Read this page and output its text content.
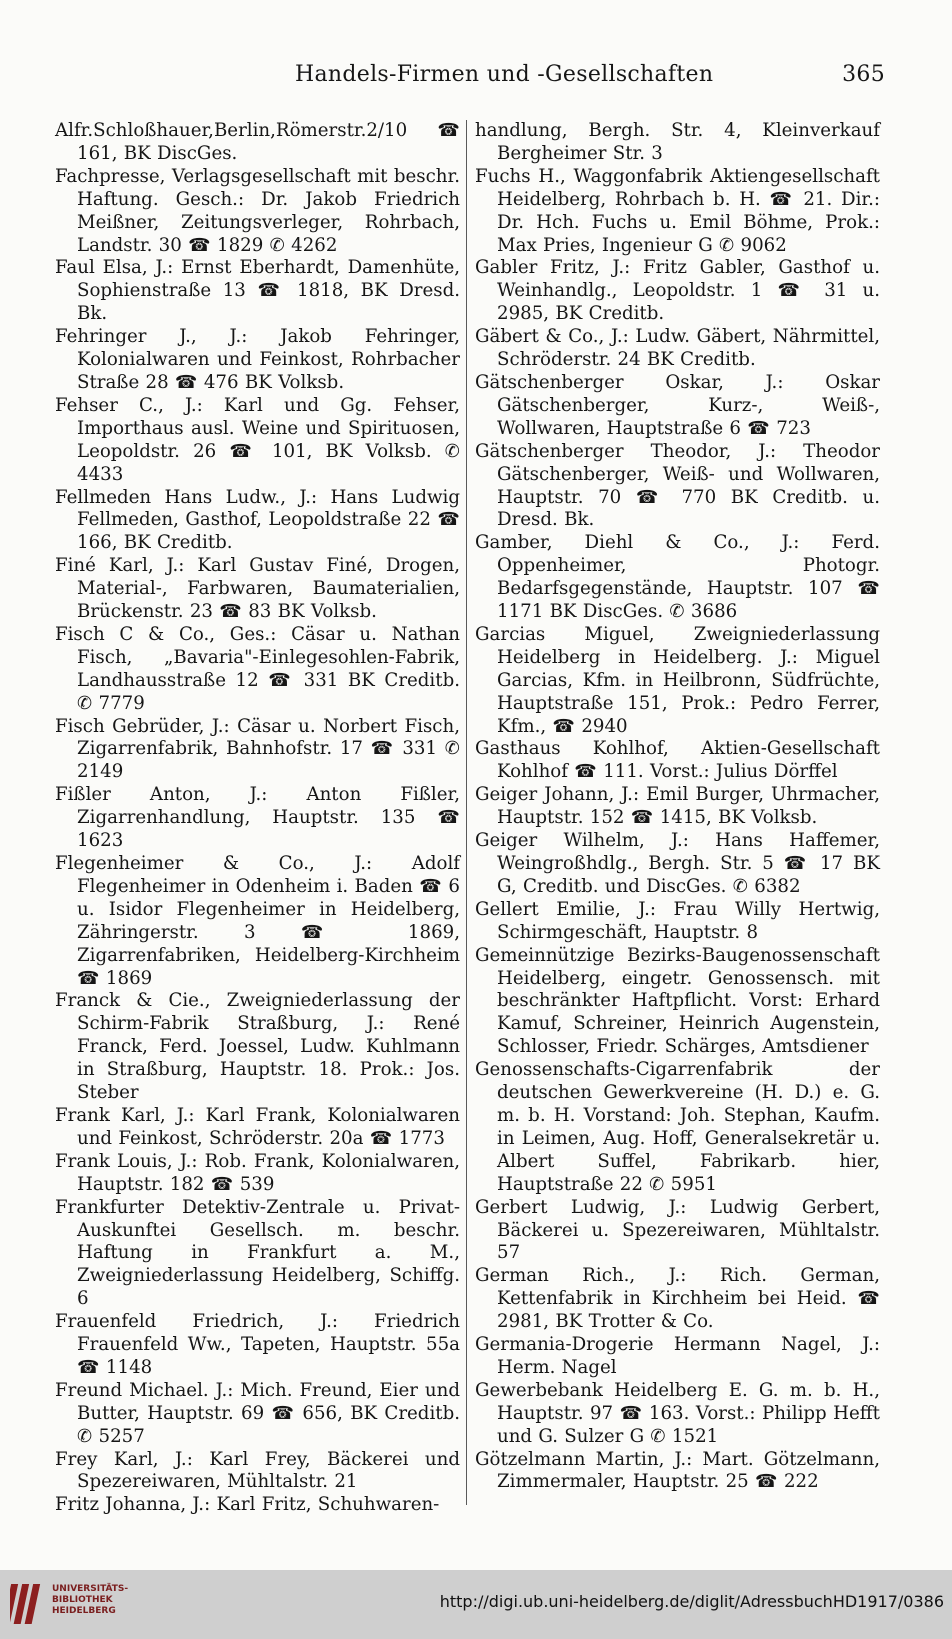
Handels-Firmen und -Gesellschaften	365

Alfr.Schloßhauer,Berlin,Römerstr.2/10 ☎ 161, BK DiscGes.

Fachpresse, Verlagsgesellschaft mit beschr. Haftung. Gesch.: Dr. Jakob Friedrich Meißner, Zeitungsverleger, Rohrbach, Landstr. 30 ☎ 1829 ✆ 4262

Faul Elsa, J.: Ernst Eberhardt, Damenhüte, Sophienstraße 13 ☎ 1818, BK Dresd. Bk.

Fehringer J., J.: Jakob Fehringer, Kolonialwaren und Feinkost, Rohrbacher Straße 28 ☎ 476 BK Volksb.

Fehser C., J.: Karl und Gg. Fehser, Importhaus ausl. Weine und Spirituosen, Leopoldstr. 26 ☎ 101, BK Volksb. ✆ 4433

Fellmeden Hans Ludw., J.: Hans Ludwig Fellmeden, Gasthof, Leopoldstraße 22 ☎ 166, BK Creditb.

Finé Karl, J.: Karl Gustav Finé, Drogen, Material-, Farbwaren, Baumaterialien, Brückenstr. 23 ☎ 83 BK Volksb.

Fisch C & Co., Ges.: Cäsar u. Nathan Fisch, „Bavaria"-Einlegesohlen-Fabrik, Landhausstraße 12 ☎ 331 BK Creditb. ✆ 7779

Fisch Gebrüder, J.: Cäsar u. Norbert Fisch, Zigarrenfabrik, Bahnhofstr. 17 ☎ 331 ✆ 2149

Fißler Anton, J.: Anton Fißler, Zigarrenhandlung, Hauptstr. 135 ☎ 1623

Flegenheimer & Co., J.: Adolf Flegenheimer in Odenheim i. Baden ☎ 6 u. Isidor Flegenheimer in Heidelberg, Zähringerstr. 3 ☎ 1869, Zigarrenfabriken, Heidelberg-Kirchheim ☎ 1869

Franck & Cie., Zweigniederlassung der Schirm-Fabrik Straßburg, J.: René Franck, Ferd. Joessel, Ludw. Kuhlmann in Straßburg, Hauptstr. 18. Prok.: Jos. Steber

Frank Karl, J.: Karl Frank, Kolonialwaren und Feinkost, Schröderstr. 20a ☎ 1773

Frank Louis, J.: Rob. Frank, Kolonialwaren, Hauptstr. 182 ☎ 539

Frankfurter Detektiv-Zentrale u. Privat-Auskunftei Gesellsch. m. beschr. Haftung in Frankfurt a. M., Zweigniederlassung Heidelberg, Schiffg. 6

Frauenfeld Friedrich, J.: Friedrich Frauenfeld Ww., Tapeten, Hauptstr. 55a ☎ 1148

Freund Michael. J.: Mich. Freund, Eier und Butter, Hauptstr. 69 ☎ 656, BK Creditb. ✆ 5257

Frey Karl, J.: Karl Frey, Bäckerei und Spezereiwaren, Mühltalstr. 21

Fritz Johanna, J.: Karl Fritz, Schuhwaren-

handlung, Bergh. Str. 4, Kleinverkauf Bergheimer Str. 3

Fuchs H., Waggonfabrik Aktiengesellschaft Heidelberg, Rohrbach b. H. ☎ 21. Dir.: Dr. Hch. Fuchs u. Emil Böhme, Prok.: Max Pries, Ingenieur G ✆ 9062

Gabler Fritz, J.: Fritz Gabler, Gasthof u. Weinhandlg., Leopoldstr. 1 ☎ 31 u. 2985, BK Creditb.

Gäbert & Co., J.: Ludw. Gäbert, Nährmittel, Schröderstr. 24 BK Creditb.

Gätschenberger Oskar, J.: Oskar Gätschenberger, Kurz-, Weiß-, Wollwaren, Hauptstraße 6 ☎ 723

Gätschenberger Theodor, J.: Theodor Gätschenberger, Weiß- und Wollwaren, Hauptstr. 70 ☎ 770 BK Creditb. u. Dresd. Bk.

Gamber, Diehl & Co., J.: Ferd. Oppenheimer, Photogr. Bedarfsgegenstände, Hauptstr. 107 ☎ 1171 BK DiscGes. ✆ 3686

Garcias Miguel, Zweigniederlassung Heidelberg in Heidelberg. J.: Miguel Garcias, Kfm. in Heilbronn, Südfrüchte, Hauptstraße 151, Prok.: Pedro Ferrer, Kfm., ☎ 2940

Gasthaus Kohlhof, Aktien-Gesellschaft Kohlhof ☎ 111. Vorst.: Julius Dörffel

Geiger Johann, J.: Emil Burger, Uhrmacher, Hauptstr. 152 ☎ 1415, BK Volksb.

Geiger Wilhelm, J.: Hans Haffemer, Weingroßhdlg., Bergh. Str. 5 ☎ 17 BK G, Creditb. und DiscGes. ✆ 6382

Gellert Emilie, J.: Frau Willy Hertwig, Schirmgeschäft, Hauptstr. 8

Gemeinnützige Bezirks-Baugenossenschaft Heidelberg, eingetr. Genossensch. mit beschränkter Haftpflicht. Vorst: Erhard Kamuf, Schreiner, Heinrich Augenstein, Schlosser, Friedr. Schärges, Amtsdiener

Genossenschafts-Cigarrenfabrik der deutschen Gewerkvereine (H. D.) e. G. m. b. H. Vorstand: Joh. Stephan, Kaufm. in Leimen, Aug. Hoff, Generalsekretär u. Albert Suffel, Fabrikarb. hier, Hauptstraße 22 ✆ 5951

Gerbert Ludwig, J.: Ludwig Gerbert, Bäckerei u. Spezereiwaren, Mühltalstr. 57

German Rich., J.: Rich. German, Kettenfabrik in Kirchheim bei Heid. ☎ 2981, BK Trotter & Co.

Germania-Drogerie Hermann Nagel, J.: Herm. Nagel

Gewerbebank Heidelberg E. G. m. b. H., Hauptstr. 97 ☎ 163. Vorst.: Philipp Hefft und G. Sulzer G ✆ 1521

Götzelmann Martin, J.: Mart. Götzelmann, Zimmermaler, Hauptstr. 25 ☎ 222

UNIVERSITÄTS-
BIBLIOTHEK
HEIDELBERG	http://digi.ub.uni-heidelberg.de/diglit/AdressbuchHD1917/0386
